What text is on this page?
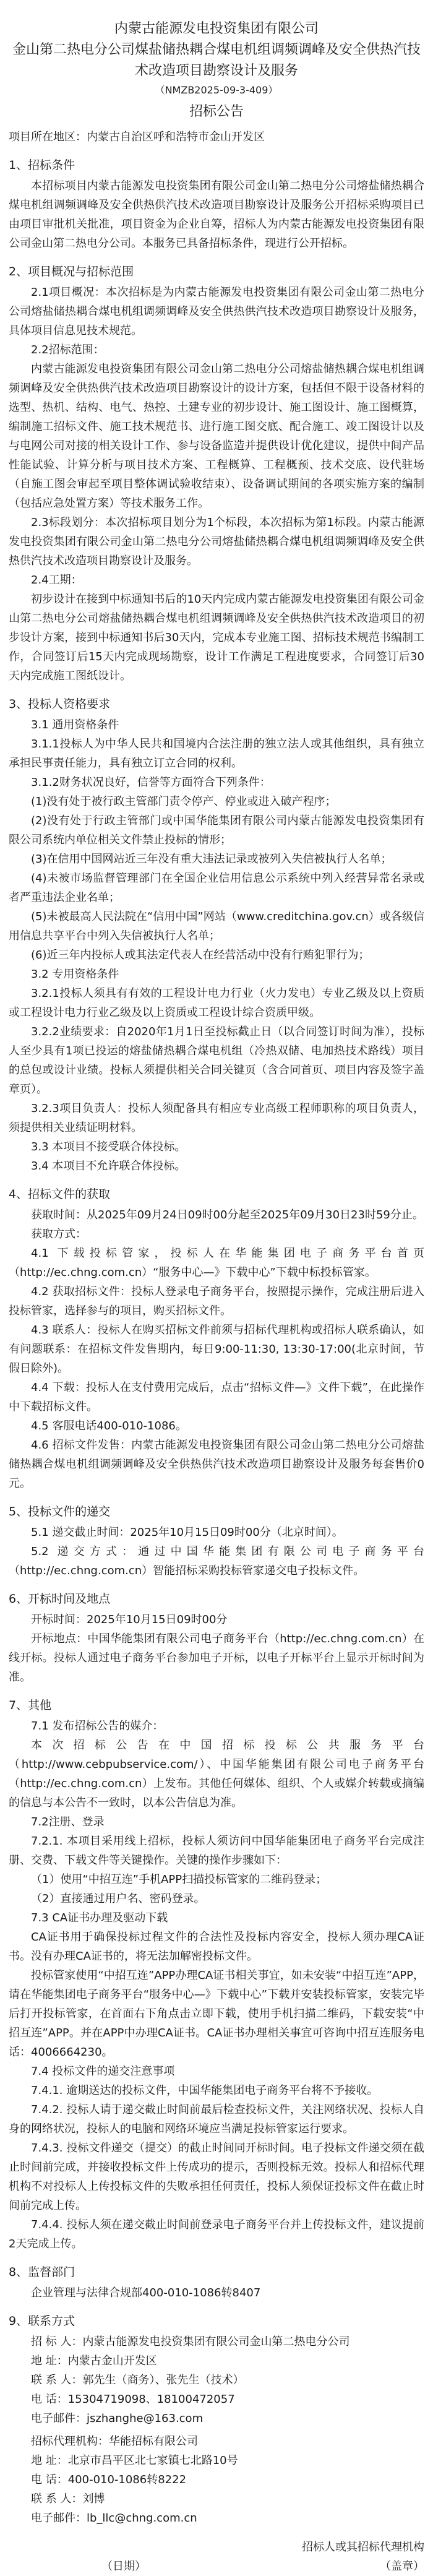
内蒙古能源发电投资集团有限公司
金山第二热电分公司煤盐储热耦合煤电机组调频调峰及安全供热汽技术改造项目勘察设计及服务
（NMZB2025-09-3-409）
招标公告

项目所在地区：内蒙古自治区呼和浩特市金山开发区

1、招标条件

本招标项目内蒙古能源发电投资集团有限公司金山第二热电分公司熔盐储热耦合煤电机组调频调峰及安全供热供汽技术改造项目勘察设计及服务公开招标采购项目已由项目审批机关批准，项目资金为企业自筹，招标人为内蒙古能源发电投资集团有限公司金山第二热电分公司。本服务已具备招标条件，现进行公开招标。

2、项目概况与招标范围

2.1项目概况：本次招标是为内蒙古能源发电投资集团有限公司金山第二热电分公司熔盐储热耦合煤电机组调频调峰及安全供热供汽技术改造项目勘察设计及服务，具体项目信息见技术规范。

2.2招标范围：

内蒙古能源发电投资集团有限公司金山第二热电分公司熔盐储热耦合煤电机组调频调峰及安全供热供汽技术改造项目勘察设计的设计方案，包括但不限于设备材料的选型、热机、结构、电气、热控、土建专业的初步设计、施工图设计、施工图概算，编制施工招标文件、施工技术规范书、进行施工图交底、配合施工、竣工图设计以及与电网公司对接的相关设计工作、参与设备监造并提供设计优化建议，提供中间产品性能试验、计算分析与项目技术方案、工程概算、工程概预、技术交底、设代驻场（自施工图会审起至项目整体调试验收结束）、设备调试期间的各项实施方案的编制（包括应急处置方案）等技术服务工作。

2.3标段划分：本次招标项目划分为1个标段，本次招标为第1标段。内蒙古能源发电投资集团有限公司金山第二热电分公司熔盐储热耦合煤电机组调频调峰及安全供热供汽技术改造项目勘察设计及服务。

2.4工期：

初步设计在接到中标通知书后的10天内完成内蒙古能源发电投资集团有限公司金山第二热电分公司熔盐储热耦合煤电机组调频调峰及安全供热供汽技术改造项目的初步设计方案，接到中标通知书后30天内，完成本专业施工图、招标技术规范书编制工作，合同签订后15天内完成现场勘察，设计工作满足工程进度要求，合同签订后30天内完成施工图纸设计。

3、投标人资格要求

3.1 通用资格条件

3.1.1投标人为中华人民共和国境内合法注册的独立法人或其他组织，具有独立承担民事责任能力，具有独立订立合同的权利。

3.1.2财务状况良好，信誉等方面符合下列条件：

(1)没有处于被行政主管部门责令停产、停业或进入破产程序；

(2)没有处于行政主管部门或中国华能集团有限公司内蒙古能源发电投资集团有限公司系统内单位相关文件禁止投标的情形；

(3)在信用中国网站近三年没有重大违法记录或被列入失信被执行人名单；

(4)未被市场监督管理部门在全国企业信用信息公示系统中列入经营异常名录或者严重违法企业名单；

(5)未被最高人民法院在“信用中国”网站（www.creditchina.gov.cn）或各级信用信息共享平台中列入失信被执行人名单；

(6)近三年内投标人或其法定代表人在经营活动中没有行贿犯罪行为；

3.2 专用资格条件

3.2.1投标人须具有有效的工程设计电力行业（火力发电）专业乙级及以上资质或工程设计电力行业乙级及以上资质或工程设计综合资质甲级。

3.2.2业绩要求：自2020年1月1日至投标截止日（以合同签订时间为准），投标人至少具有1项已投运的熔盐储热耦合煤电机组（冷热双储、电加热技术路线）项目的总包或设计业绩。投标人须提供相关合同关键页（含合同首页、项目内容及签字盖章页）。

3.2.3项目负责人：投标人须配备具有相应专业高级工程师职称的项目负责人，须提供相关业绩证明材料。

3.3 本项目不接受联合体投标。

3.4 本项目不允许联合体投标。

4、招标文件的获取

获取时间：从2025年09月24日09时00分起至2025年09月30日23时59分止。

获取方式：

4.1 下载投标管家，投标人在华能集团电子商务平台首页（http://ec.chng.com.cn）“服务中心—》下载中心”下载中标投标管家。

4.2 获取招标文件：投标人登录电子商务平台，按照提示操作，完成注册后进入投标管家，选择参与的项目，购买招标文件。

4.3 联系人：投标人在购买招标文件前须与招标代理机构或招标人联系确认，如有问题联系：在招标文件发售期内，每日9:00-11:30, 13:30-17:00(北京时间，节假日除外)。

4.4 下载：投标人在支付费用完成后，点击“招标文件—》文件下载”，在此操作中下载招标文件。

4.5 客服电话400-010-1086。

4.6 招标文件发售：内蒙古能源发电投资集团有限公司金山第二热电分公司熔盐储热耦合煤电机组调频调峰及安全供热供汽技术改造项目勘察设计及服务每套售价0元。

5、投标文件的递交

5.1 递交截止时间：2025年10月15日09时00分（北京时间）。

5.2 递交方式：通过中国华能集团有限公司电子商务平台（http://ec.chng.com.cn）智能招标采购投标管家递交电子投标文件。

6、开标时间及地点

开标时间：2025年10月15日09时00分

开标地点：中国华能集团有限公司电子商务平台（http://ec.chng.com.cn）在线开标。投标人通过电子商务平台参加电子开标，以电子开标平台上显示开标时间为准。

7、其他

7.1 发布招标公告的媒介：

本次招标公告在中国招标投标公共服务平台（http://www.cebpubservice.com/）、中国华能集团有限公司电子商务平台（http://ec.chng.com.cn）上发布。其他任何媒体、组织、个人或媒介转载或摘编的信息与本公告不一致时，以本公告信息为准。

7.2注册、登录

7.2.1. 本项目采用线上招标，投标人须访问中国华能集团电子商务平台完成注册、交费、下载文件等关键操作。关键的操作步骤如下：

（1）使用“中招互连”手机APP扫描投标管家的二维码登录；

（2）直接通过用户名、密码登录。

7.3 CA证书办理及驱动下载

CA证书用于确保投标过程文件的合法性及投标内容安全，投标人须办理CA证书。没有办理CA证书的，将无法加解密投标文件。

投标管家使用“中招互连”APP办理CA证书相关事宜，如未安装“中招互连”APP，请在华能集团电子商务平台“服务中心—》下载中心”下载并安装投标管家，安装完毕后打开投标管家，在首面右下角点击立即下载，使用手机扫描二维码，下载安装“中招互连”APP。并在APP中办理CA证书。CA证书办理相关事宜可咨询中招互连服务电话：4006664230。

7.4 投标文件的递交注意事项

7.4.1. 逾期送达的投标文件，中国华能集团电子商务平台将不予接收。

7.4.2. 投标人请于递交截止时间前最后检查投标文件，关注网络状况、投标人自身的网络状况，投标人的电脑和网络环境应当满足投标管家运行要求。

7.4.3. 投标文件递交（提交）的截止时间同开标时间。电子投标文件递交须在截止时间前完成，并接收投标文件上传成功的提示，否则投标无效。投标人和招标代理机构不对投标人上传投标文件的失败承担任何责任，投标人须保证投标文件在截止时间前完成上传。

7.4.4. 投标人须在递交截止时间前登录电子商务平台并上传投标文件，建议提前2天完成上传。

8、监督部门

企业管理与法律合规部400-010-1086转8407

9、联系方式

招 标 人：内蒙古能源发电投资集团有限公司金山第二热电分公司

地 址：内蒙古金山开发区

联 系 人：郭先生（商务）、张先生（技术）

电 话：15304719098、18100472057

电子邮件：jszhanghe@163.com

招标代理机构：华能招标有限公司

地 址：北京市昌平区北七家镇七北路10号

电 话：400-010-1086转8222

联 系 人：刘博

电子邮件：lb_llc@chng.com.cn

招标人或其招标代理机构
（日期）	（盖章）
